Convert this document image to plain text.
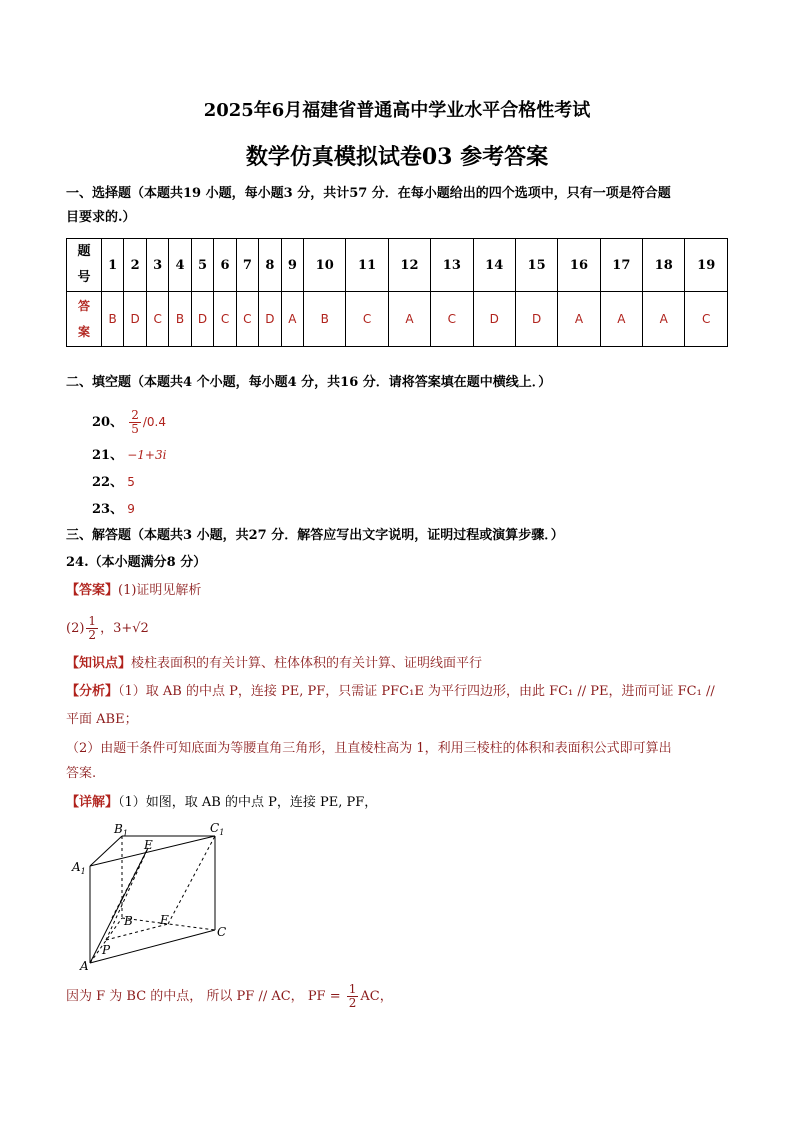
2025年6月福建省普通高中学业水平合格性考试
数学仿真模拟试卷03 参考答案
一、选择题（本题共19 小题，每小题3 分，共计57 分．在每小题给出的四个选项中，只有一项是符合题
目要求的.）
题号	1	2	3	4	5	6	7	8	9	10	11	12	13	14	15	16	17	18	19
答案	B	D	C	B	D	C	C	D	A	B	C	A	C	D	D	A	A	A	C
二、填空题（本题共4 个小题，每小题4 分，共16 分．请将答案填在题中横线上．）
20、 $\frac{2}{5} /0.4$
21、 −1+3i
22、 5
23、 9
三、解答题（本题共3 小题，共27 分．解答应写出文字说明，证明过程或演算步骤．）
24.（本小题满分8 分）
【答案】(1)证明见解析
$(2) \frac{1}{2}$ ，3+√2
【知识点】棱柱表面积的有关计算、柱体体积的有关计算、证明线面平行
【分析】（1）取 AB 的中点 P，连接 PE, PF，只需证 PFC₁E 为平行四边形，由此 FC₁ // PE，进而可证 FC₁ //
平面 ABE；
（2）由题干条件可知底面为等腰直角三角形，且直棱柱高为 1，利用三棱柱的体积和表面积公式即可算出
答案.
【详解】（1）如图，取 AB 的中点 P，连接 PE, PF，
$B_1$	$C_1$
$A_1$
E
B F
C
P
A
因为 F 为 BC 的中点， 所以 PF // AC， PF = $\frac{1}{2}$ AC，
